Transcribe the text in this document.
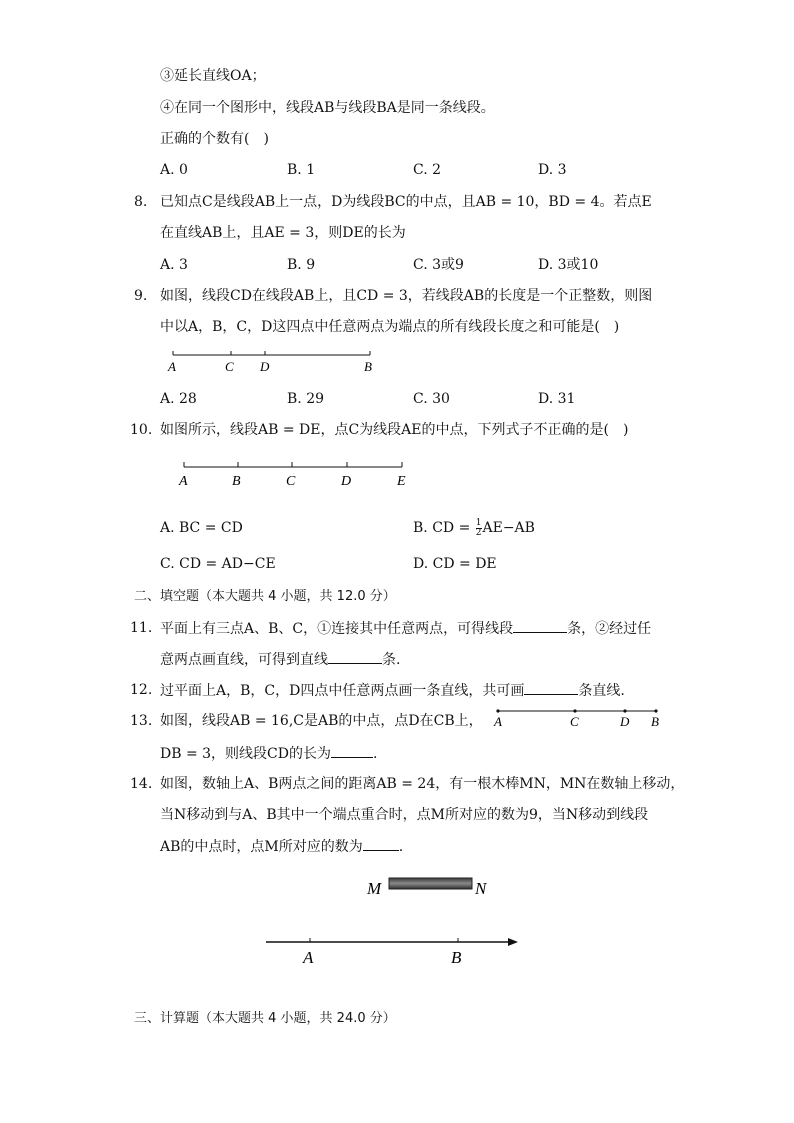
③延长直线OA；
④在同一个图形中，线段AB与线段BA是同一条线段。
正确的个数有(　)
A. 0	B. 1	C. 2	D. 3
8. 已知点C是线段AB上一点，D为线段BC的中点，且AB = 10，BD = 4。若点E
在直线AB上，且AE = 3，则DE的长为
A. 3	B. 9	C. 3或9	D. 3或10
9. 如图，线段CD在线段AB上，且CD = 3，若线段AB的长度是一个正整数，则图
中以A，B，C，D这四点中任意两点为端点的所有线段长度之和可能是(　)
A	C D	B
A. 28	B. 29	C. 30	D. 31
10. 如图所示，线段AB = DE，点C为线段AE的中点，下列式子不正确的是(　)
A	B	C	D	E
A. BC = CD	B. CD = $\frac{1}{2} AE-AB$
C. CD = AD−CE	D. CD = DE
二、填空题（本大题共 4 小题，共 12.0 分）
11. 平面上有三点A、B、C，①连接其中任意两点，可得线段	条，②经过任
意两点画直线，可得到直线	条.
12. 过平面上A，B，C，D四点中任意两点画一条直线，共可画	条直线.
13. 如图，线段AB = 16,C是AB的中点，点D在CB上，
DB = 3，则线段CD的长为	.
A	C	D B
14. 如图，数轴上A、B两点之间的距离AB = 24，有一根木棒MN，MN在数轴上移动，
当N移动到与A、B其中一个端点重合时，点M所对应的数为9，当N移动到线段
AB的中点时，点M所对应的数为	.
M	N
A	B
三、计算题（本大题共 4 小题，共 24.0 分）
